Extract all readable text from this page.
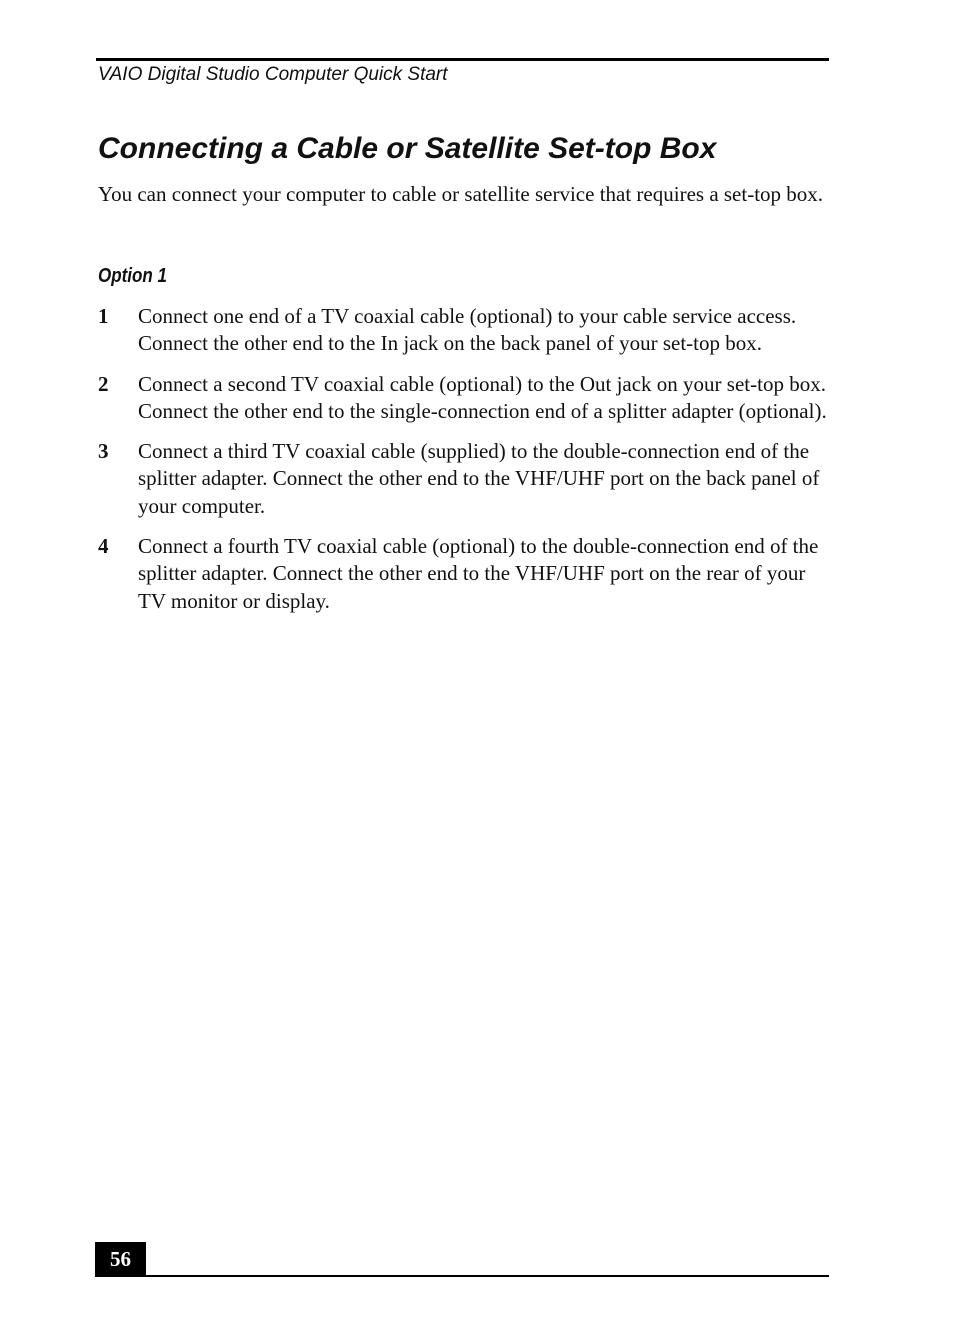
VAIO Digital Studio Computer Quick Start
Connecting a Cable or Satellite Set-top Box

You can connect your computer to cable or satellite service that requires a set-top box.

Option 1
1	Connect one end of a TV coaxial cable (optional) to your cable service access. Connect the other end to the In jack on the back panel of your set-top box.
2	Connect a second TV coaxial cable (optional) to the Out jack on your set-top box. Connect the other end to the single-connection end of a splitter adapter (optional).
3	Connect a third TV coaxial cable (supplied) to the double-connection end of the splitter adapter. Connect the other end to the VHF/UHF port on the back panel of your computer.
4	Connect a fourth TV coaxial cable (optional) to the double-connection end of the splitter adapter. Connect the other end to the VHF/UHF port on the rear of your TV monitor or display.
56
